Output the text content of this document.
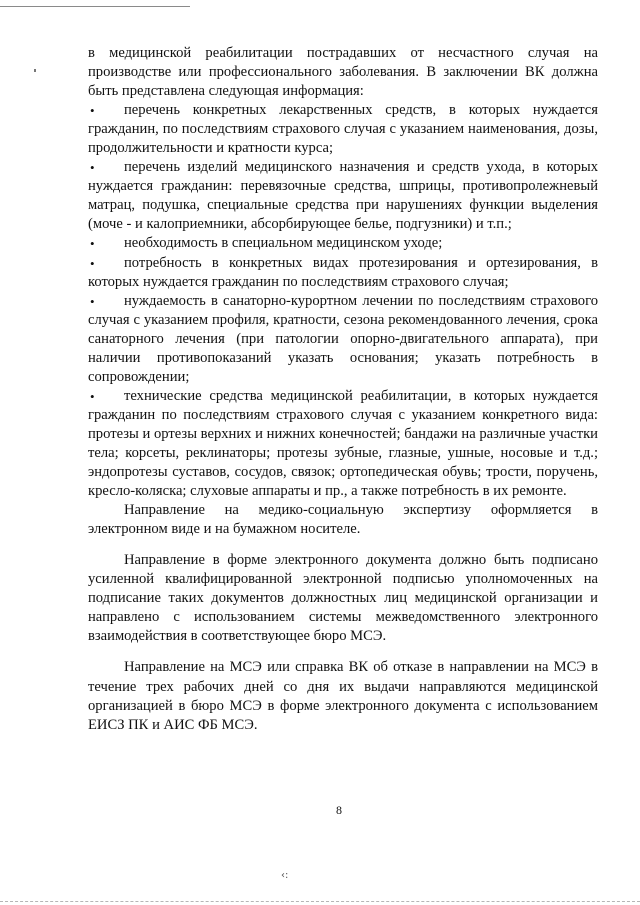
в медицинской реабилитации пострадавших от несчастного случая на производстве или профессионального заболевания. В заключении ВК должна быть представлена следующая информация:

• перечень конкретных лекарственных средств, в которых нуждается гражданин, по последствиям страхового случая с указанием наименования, дозы, продолжительности и кратности курса;

• перечень изделий медицинского назначения и средств ухода, в которых нуждается гражданин: перевязочные средства, шприцы, противопролежневый матрац, подушка, специальные средства при нарушениях функции выделения (моче - и калоприемники, абсорбирующее белье, подгузники) и т.п.;

• необходимость в специальном медицинском уходе;

• потребность в конкретных видах протезирования и ортезирования, в которых нуждается гражданин по последствиям страхового случая;

• нуждаемость в санаторно-курортном лечении по последствиям страхового случая с указанием профиля, кратности, сезона рекомендованного лечения, срока санаторного лечения (при патологии опорно-двигательного аппарата), при наличии противопоказаний указать основания; указать потребность в сопровождении;

• технические средства медицинской реабилитации, в которых нуждается гражданин по последствиям страхового случая с указанием конкретного вида: протезы и ортезы верхних и нижних конечностей; бандажи на различные участки тела; корсеты, реклинаторы; протезы зубные, глазные, ушные, носовые и т.д.; эндопротезы суставов, сосудов, связок; ортопедическая обувь; трости, поручень, кресло-коляска; слуховые аппараты и пр., а также потребность в их ремонте.

Направление на медико-социальную экспертизу оформляется в электронном виде и на бумажном носителе.

Направление в форме электронного документа должно быть подписано усиленной квалифицированной электронной подписью уполномоченных на подписание таких документов должностных лиц медицинской организации и направлено с использованием системы межведомственного электронного взаимодействия в соответствующее бюро МСЭ.

Направление на МСЭ или справка ВК об отказе в направлении на МСЭ в течение трех рабочих дней со дня их выдачи направляются медицинской организацией в бюро МСЭ в форме электронного документа с использованием ЕИСЗ ПК и АИС ФБ МСЭ.

8
‹:
